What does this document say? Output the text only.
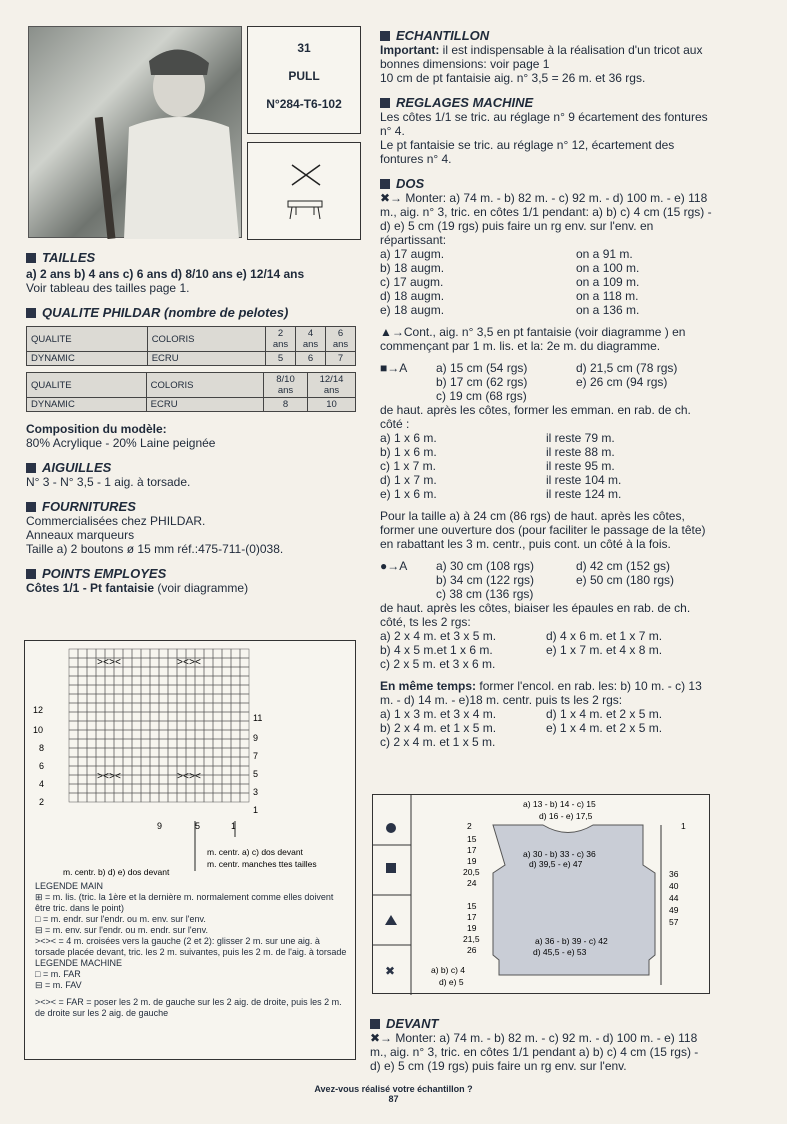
31
PULL
N°284-T6-102
TAILLES

a) 2 ans b) 4 ans c) 6 ans d) 8/10 ans e) 12/14 ans

Voir tableau des tailles page 1.

QUALITE PHILDAR (nombre de pelotes)
QUALITE	COLORIS	2 ans	4 ans	6 ans
DYNAMIC	ECRU	5	6	7
QUALITE	COLORIS	8/10 ans	12/14 ans
DYNAMIC	ECRU	8	10

Composition du modèle:

80% Acrylique - 20% Laine peignée

AIGUILLES

N° 3 - N° 3,5 - 1 aig. à torsade.

FOURNITURES

Commercialisées chez PHILDAR.

Anneaux marqueurs

Taille a) 2 boutons ø 15 mm réf.:475-711-(0)038.

POINTS EMPLOYES

Côtes 1/1 - Pt fantaisie (voir diagramme)

><><	><><
><><	><><
12
10
8
6
4
2
11
9
7
5
3
1
9	5	1
m. centr. a) c) dos devant
m. centr. manches ttes tailles
m. centr. b) d) e) dos devant
LEGENDE MAIN
⊞ = m. lis. (tric. la 1ère et la dernière m. normalement comme elles doivent être tric. dans le point)
□ = m. endr. sur l'endr. ou m. env. sur l'env.
⊟ = m. env. sur l'endr. ou m. endr. sur l'env.
><>< = 4 m. croisées vers la gauche (2 et 2): glisser 2 m. sur une aig. à torsade placée devant, tric. les 2 m. suivantes, puis les 2 m. de l'aig. à torsade
LEGENDE MACHINE
□ = m. FAR
⊟ = m. FAV
><>< = FAR = poser les 2 m. de gauche sur les 2 aig. de droite, puis les 2 m. de droite sur les 2 aig. de gauche
ECHANTILLON

Important: il est indispensable à la réalisation d'un tricot aux bonnes dimensions: voir page 1

10 cm de pt fantaisie aig. n° 3,5 = 26 m. et 36 rgs.

REGLAGES MACHINE

Les côtes 1/1 se tric. au réglage n° 9 écartement des fontures n° 4.

Le pt fantaisie se tric. au réglage n° 12, écartement des fontures n° 4.

DOS

✖→ Monter: a) 74 m. - b) 82 m. - c) 92 m. - d) 100 m. - e) 118 m., aig. n° 3, tric. en côtes 1/1 pendant: a) b) c) 4 cm (15 rgs) - d) e) 5 cm (19 rgs) puis faire un rg env. sur l'env. en répartissant:

a) 17 augm.	on a 91 m.

b) 18 augm.	on a 100 m.

c) 17 augm.	on a 109 m.

d) 18 augm.	on a 118 m.

e) 18 augm.	on a 136 m.

▲→Cont., aig. n° 3,5 en pt fantaisie (voir diagramme ) en commençant par 1 m. lis. et la: 2e m. du diagramme.

■→A	a) 15 cm (54 rgs)	d) 21,5 cm (78 rgs)

b) 17 cm (62 rgs)	e) 26 cm (94 rgs)

c) 19 cm (68 rgs)

de haut. après les côtes, former les emman. en rab. de ch. côté :

a) 1 x 6 m.	il reste 79 m.

b) 1 x 6 m.	il reste 88 m.

c) 1 x 7 m.	il reste 95 m.

d) 1 x 7 m.	il reste 104 m.

e) 1 x 6 m.	il reste 124 m.

Pour la taille a) à 24 cm (86 rgs) de haut. après les côtes, former une ouverture dos (pour faciliter le passage de la tête) en rabattant les 3 m. centr., puis cont. un côté à la fois.

●→A	a) 30 cm (108 rgs)	d) 42 cm (152 gs)

b) 34 cm (122 rgs)	e) 50 cm (180 rgs)

c) 38 cm (136 rgs)

de haut. après les côtes, biaiser les épaules en rab. de ch. côté, ts les 2 rgs:

a) 2 x 4 m. et 3 x 5 m.	d) 4 x 6 m. et 1 x 7 m.

b) 4 x 5 m.et 1 x 6 m.	e) 1 x 7 m. et 4 x 8 m.

c) 2 x 5 m. et 3 x 6 m.

En même temps: former l'encol. en rab. les: b) 10 m. - c) 13 m. - d) 14 m. - e)18 m. centr. puis ts les 2 rgs:

a) 1 x 3 m. et 3 x 4 m.	d) 1 x 4 m. et 2 x 5 m.

b) 2 x 4 m. et 1 x 5 m.	e) 1 x 4 m. et 2 x 5 m.

c) 2 x 4 m. et 1 x 5 m.

✖
a) 13 - b) 14 - c) 15
d) 16 - e) 17,5
a) 30 - b) 33 - c) 36
d) 39,5 - e) 47
a) 36 - b) 39 - c) 42
d) 45,5 - e) 53
a) b) c) 4
d) e) 5
2
15
17
19
20,5
24
15
17
19
21,5
26
36
40
44
49
57
1
DEVANT

✖→ Monter: a) 74 m. - b) 82 m. - c) 92 m. - d) 100 m. - e) 118 m., aig. n° 3, tric. en côtes 1/1 pendant a) b) c) 4 cm (15 rgs) - d) e) 5 cm (19 rgs) puis faire un rg env. sur l'env.

Avez-vous réalisé votre échantillon ?
87
